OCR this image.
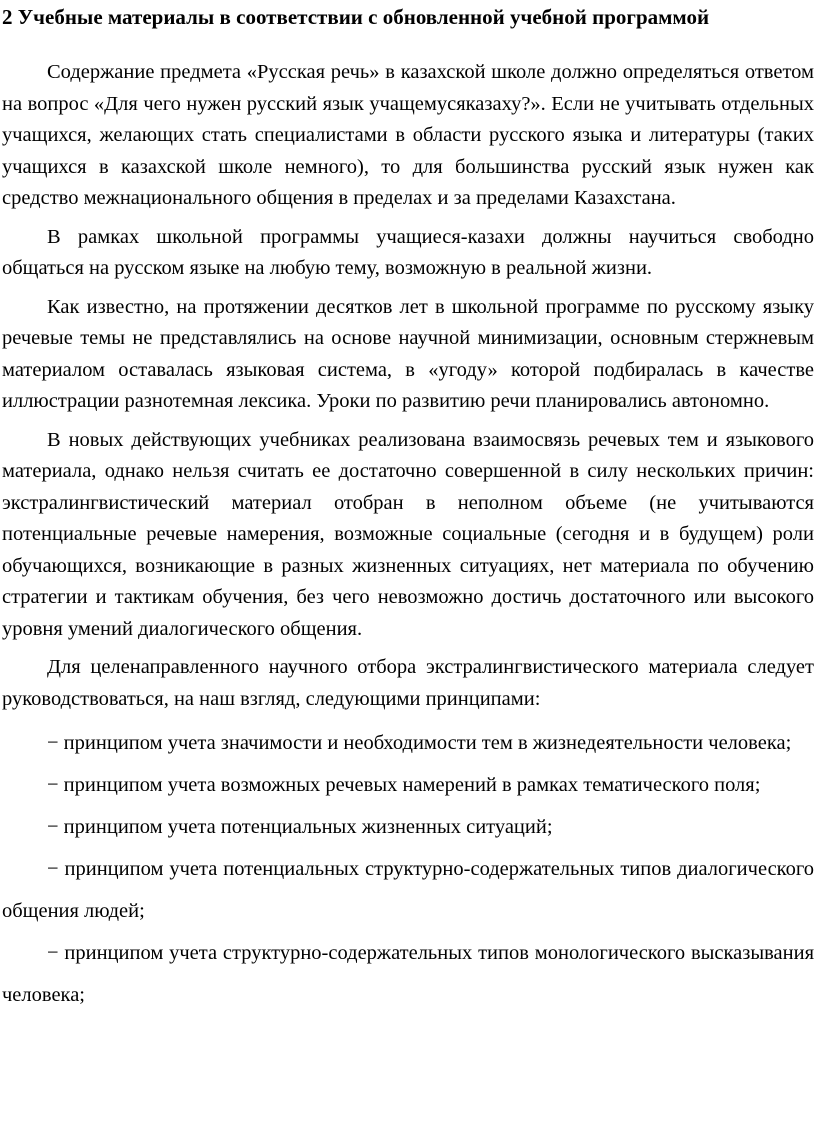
2 Учебные материалы в соответствии с обновленной учебной программой

Содержание предмета «Русская речь» в казахской школе должно определяться ответом на вопрос «Для чего нужен русский язык учащемусяказаху?». Если не учитывать отдельных учащихся, желающих стать специалистами в области русского языка и литературы (таких учащихся в казахской школе немного), то для большинства русский язык нужен как средство межнационального общения в пределах и за пределами Казахстана.

В рамках школьной программы учащиеся-казахи должны научиться свободно общаться на русском языке на любую тему, возможную в реальной жизни.

Как известно, на протяжении десятков лет в школьной программе по русскому языку речевые темы не представлялись на основе научной минимизации, основным стержневым материалом оставалась языковая система, в «угоду» которой подбиралась в качестве иллюстрации разнотемная лексика. Уроки по развитию речи планировались автономно.

В новых действующих учебниках реализована взаимосвязь речевых тем и языкового материала, однако нельзя считать ее достаточно совершенной в силу нескольких причин: экстралингвистический материал отобран в неполном объеме (не учитываются потенциальные речевые намерения, возможные социальные (сегодня и в будущем) роли обучающихся, возникающие в разных жизненных ситуациях, нет материала по обучению стратегии и тактикам обучения, без чего невозможно достичь достаточного или высокого уровня умений диалогического общения.

Для целенаправленного научного отбора экстралингвистического материала следует руководствоваться, на наш взгляд, следующими принципами:

− принципом учета значимости и необходимости тем в жизнедеятельности человека;

− принципом учета возможных речевых намерений в рамках тематического поля;

− принципом учета потенциальных жизненных ситуаций;

− принципом учета потенциальных структурно-содержательных типов диалогического общения людей;

− принципом учета структурно-содержательных типов монологического высказывания человека;
